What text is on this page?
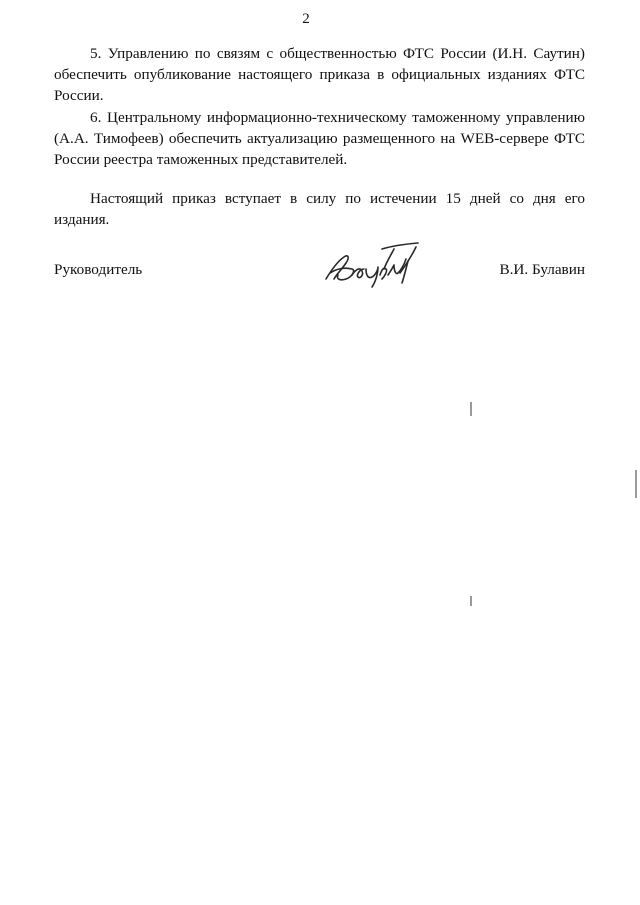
2

5. Управлению по связям с общественностью ФТС России (И.Н. Саутин) обеспечить опубликование настоящего приказа в официальных изданиях ФТС России.

6. Центральному информационно-техническому таможенному управлению (А.А. Тимофеев) обеспечить актуализацию размещенного на WEB-сервере ФТС России реестра таможенных представителей.

Настоящий приказ вступает в силу по истечении 15 дней со дня его издания.

Руководитель	В.И. Булавин
